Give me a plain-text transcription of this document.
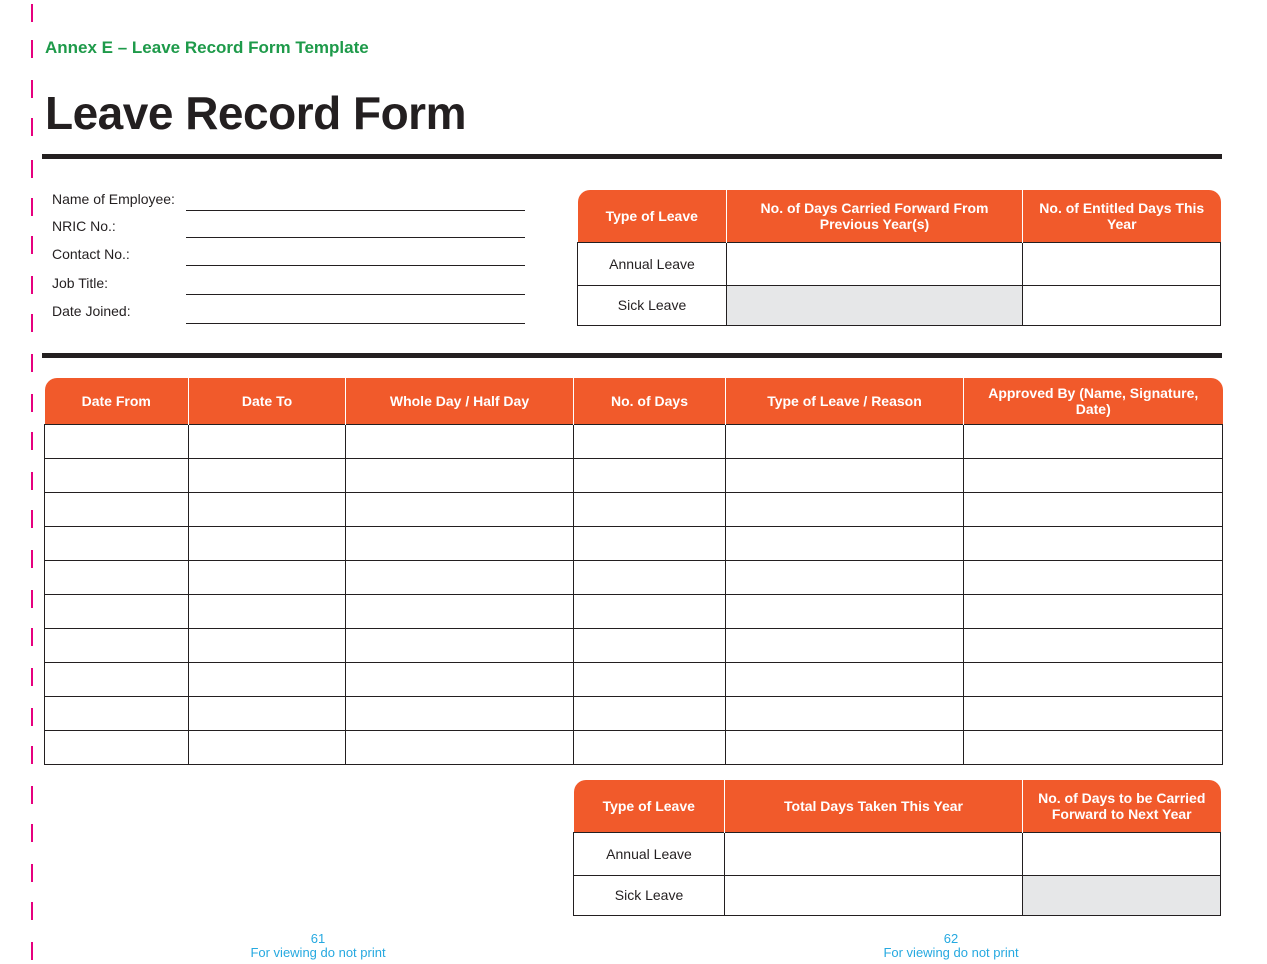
Annex E – Leave Record Form Template
Leave Record Form
Name of Employee:
NRIC No.:
Contact No.:
Job Title:
Date Joined:
Type of Leave	No. of Days Carried Forward From Previous Year(s)	No. of Entitled Days This Year
Annual Leave		
Sick Leave		
Date From	Date To	Whole Day / Half Day	No. of Days	Type of Leave / Reason	Approved By (Name, Signature, Date)

Type of Leave	Total Days Taken This Year	No. of Days to be Carried Forward to Next Year
Annual Leave		
Sick Leave		
61
For viewing do not print
62
For viewing do not print
